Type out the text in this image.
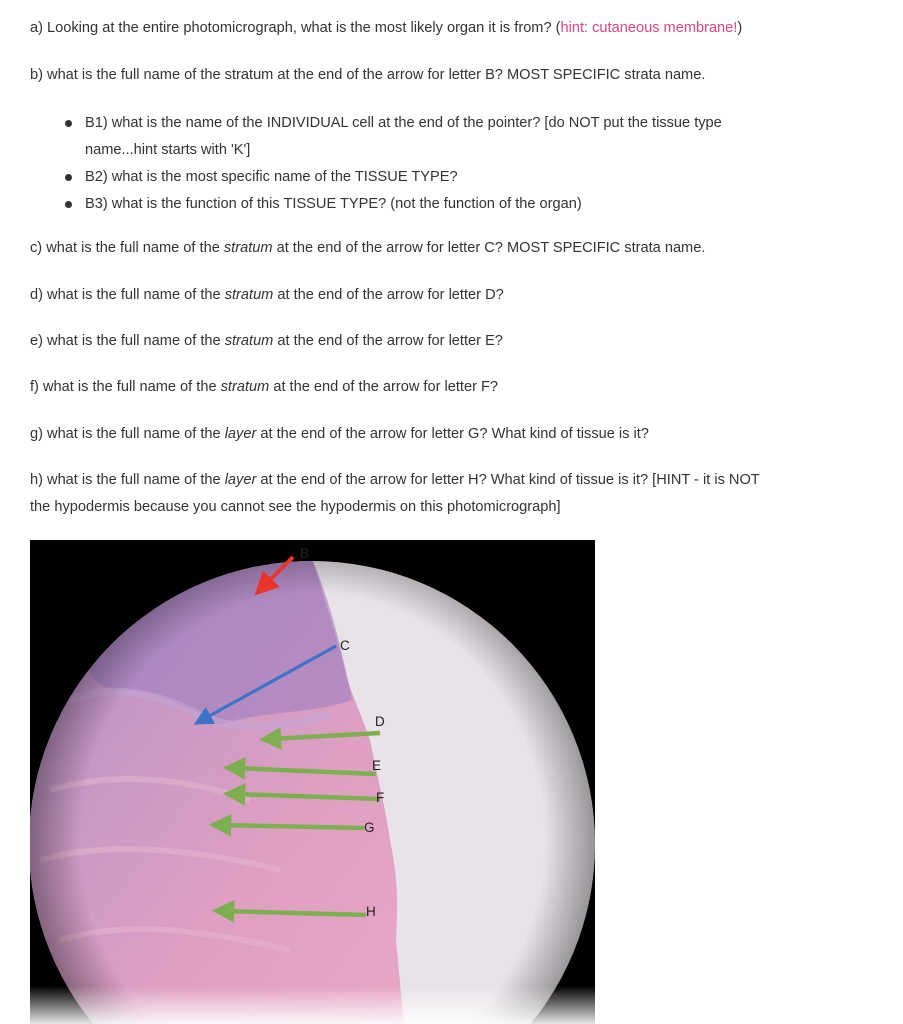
a) Looking at the entire photomicrograph, what is the most likely organ it is from? (hint: cutaneous membrane!)

b) what is the full name of the stratum at the end of the arrow for letter B? MOST SPECIFIC strata name.

B1) what is the name of the INDIVIDUAL cell at the end of the pointer? [do NOT put the tissue type
name...hint starts with 'K']
B2) what is the most specific name of the TISSUE TYPE?
B3) what is the function of this TISSUE TYPE? (not the function of the organ)

c) what is the full name of the stratum at the end of the arrow for letter C? MOST SPECIFIC strata name.

d) what is the full name of the stratum at the end of the arrow for letter D?

e) what is the full name of the stratum at the end of the arrow for letter E?

f) what is the full name of the stratum at the end of the arrow for letter F?

g) what is the full name of the layer at the end of the arrow for letter G? What kind of tissue is it?

h) what is the full name of the layer at the end of the arrow for letter H? What kind of tissue is it? [HINT - it is NOT

the hypodermis because you cannot see the hypodermis on this photomicrograph]

B
C
D
E
F
G
H
